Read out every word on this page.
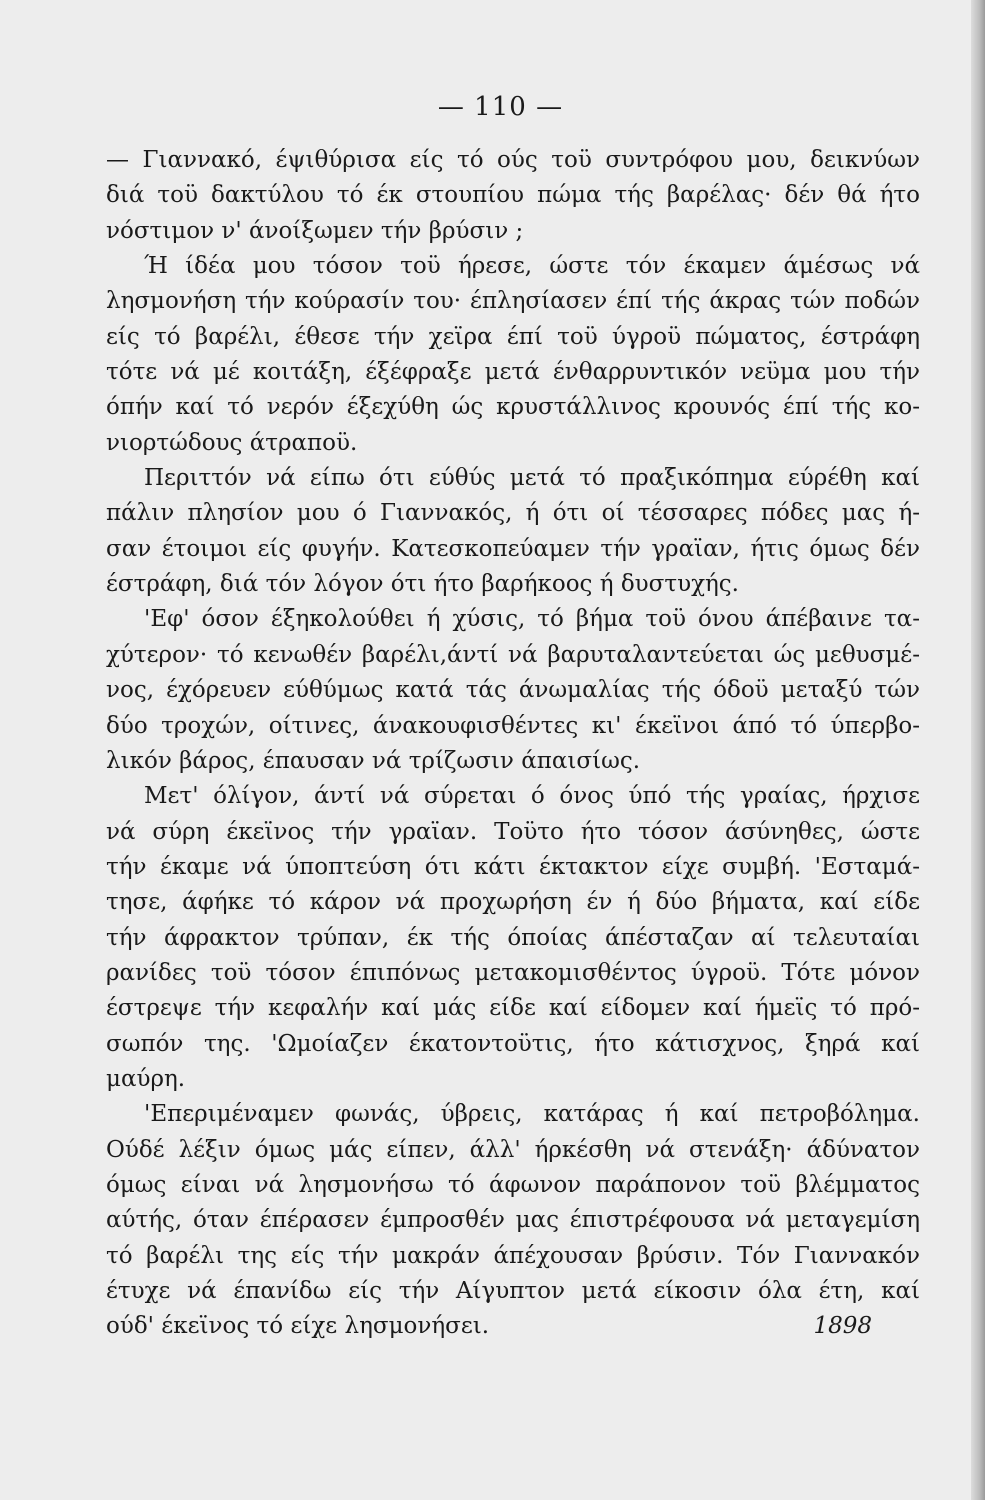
— 110 —
— Γιαννακό, έψιθύρισα είς τό ούς τοϋ συντρόφου μου, δεικνύων
διά τοϋ δακτύλου τό έκ στουπίου πώμα τής βαρέλας· δέν θά ήτο
νόστιμον ν' άνοίξωμεν τήν βρύσιν ;
Ή ίδέα μου τόσον τοϋ ήρεσε, ώστε τόν έκαμεν άμέσως νά
λησμονήση τήν κούρασίν του· έπλησίασεν έπί τής άκρας τών ποδών
είς τό βαρέλι, έθεσε τήν χεϊρα έπί τοϋ ύγροϋ πώματος, έστράφη
τότε νά μέ κοιτάξη, έξέφραξε μετά ένθαρρυντικόν νεϋμα μου τήν
όπήν καί τό νερόν έξεχύθη ώς κρυστάλλινος κρουνός έπί τής κο-
νιορτώδους άτραποϋ.
Περιττόν νά είπω ότι εύθύς μετά τό πραξικόπημα εύρέθη καί
πάλιν πλησίον μου ό Γιαννακός, ή ότι οί τέσσαρες πόδες μας ή-
σαν έτοιμοι είς φυγήν. Κατεσκοπεύαμεν τήν γραϊαν, ήτις όμως δέν
έστράφη, διά τόν λόγον ότι ήτο βαρήκοος ή δυστυχής.
'Εφ' όσον έξηκολούθει ή χύσις, τό βήμα τοϋ όνου άπέβαινε τα-
χύτερον· τό κενωθέν βαρέλι,άντί νά βαρυταλαντεύεται ώς μεθυσμέ-
νος, έχόρευεν εύθύμως κατά τάς άνωμαλίας τής όδοϋ μεταξύ τών
δύο τροχών, οίτινες, άνακουφισθέντες κι' έκεϊνοι άπό τό ύπερβο-
λικόν βάρος, έπαυσαν νά τρίζωσιν άπαισίως.
Μετ' όλίγον, άντί νά σύρεται ό όνος ύπό τής γραίας, ήρχισε
νά σύρη έκεϊνος τήν γραϊαν. Τοϋτο ήτο τόσον άσύνηθες, ώστε
τήν έκαμε νά ύποπτεύση ότι κάτι έκτακτον είχε συμβή. 'Εσταμά-
τησε, άφήκε τό κάρον νά προχωρήση έν ή δύο βήματα, καί είδε
τήν άφρακτον τρύπαν, έκ τής όποίας άπέσταζαν αί τελευταίαι
ρανίδες τοϋ τόσον έπιπόνως μετακομισθέντος ύγροϋ. Τότε μόνον
έστρεψε τήν κεφαλήν καί μάς είδε καί είδομεν καί ήμεϊς τό πρό-
σωπόν της. 'Ωμοίαζεν έκατοντοϋτις, ήτο κάτισχνος, ξηρά καί
μαύρη.
'Επεριμέναμεν φωνάς, ύβρεις, κατάρας ή καί πετροβόλημα.
Ούδέ λέξιν όμως μάς είπεν, άλλ' ήρκέσθη νά στενάξη· άδύνατον
όμως είναι νά λησμονήσω τό άφωνον παράπονον τοϋ βλέμματος
αύτής, όταν έπέρασεν έμπροσθέν μας έπιστρέφουσα νά μεταγεμίση
τό βαρέλι της είς τήν μακράν άπέχουσαν βρύσιν. Τόν Γιαννακόν
έτυχε νά έπανίδω είς τήν Αίγυπτον μετά είκοσιν όλα έτη, καί
ούδ' έκεϊνος τό είχε λησμονήσει.	1898
